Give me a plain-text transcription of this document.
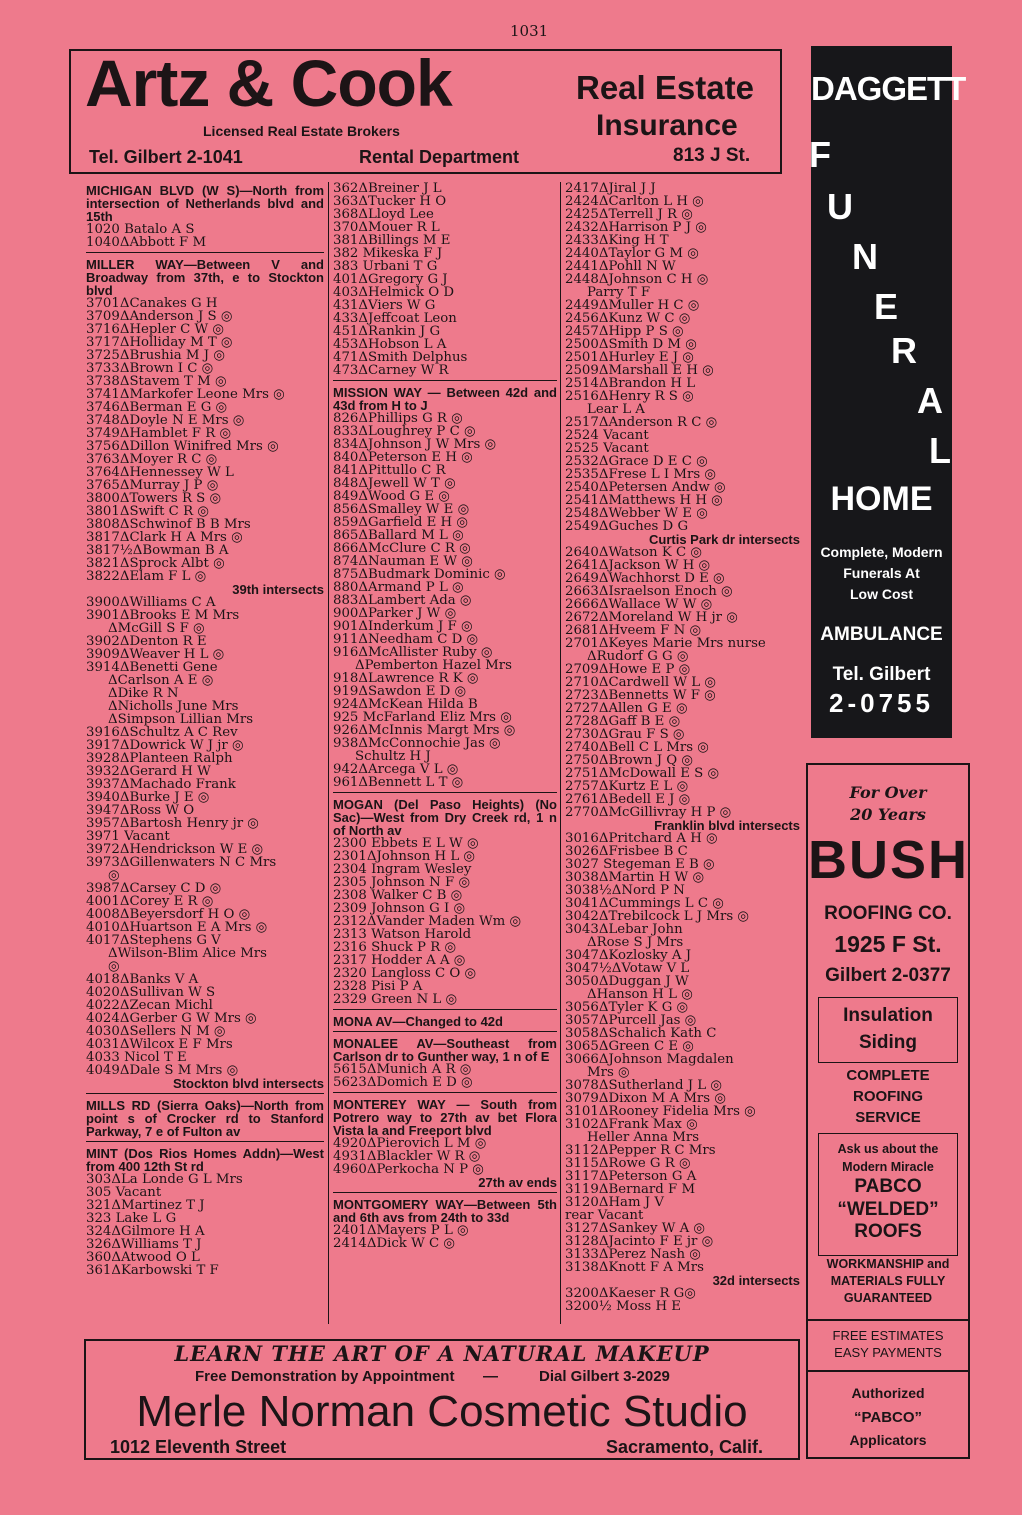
1031
Artz & Cook
Licensed Real Estate Brokers
Tel. Gilbert 2-1041	Rental Department
Real Estate
Insurance
813 J St.
DAGGETT
F
U
N
E
R
A
L
HOME
Complete, Modern
Funerals At
Low Cost
AMBULANCE
Tel. Gilbert
2-0755
For Over
20 Years
BUSH
ROOFING CO.
1925 F St.
Gilbert 2-0377
Insulation
Siding
COMPLETE
ROOFING
SERVICE
Ask us about the
Modern Miracle
PABCO
“WELDED”
ROOFS
WORKMANSHIP and
MATERIALS FULLY
GUARANTEED
FREE ESTIMATES
EASY PAYMENTS
Authorized
“PABCO”
Applicators
LEARN THE ART OF A NATURAL MAKEUP
Free Demonstration by Appointment —	Dial Gilbert 3-2029
Merle Norman Cosmetic Studio
1012 Eleventh Street	Sacramento, Calif.
MICHIGAN BLVD (W S)—North from intersection of Netherlands blvd and 15th
1020 Batalo A S
1040ΔAbbott F M
MILLER WAY—Between V and Broadway from 37th, e to Stockton blvd
3701ΔCanakes G H
3709ΔAnderson J S ◎
3716ΔHepler C W ◎
3717ΔHolliday M T ◎
3725ΔBrushia M J ◎
3733ΔBrown I C ◎
3738ΔStavem T M ◎
3741ΔMarkofer Leone Mrs ◎
3746ΔBerman E G ◎
3748ΔDoyle N E Mrs ◎
3749ΔHamblet F R ◎
3756ΔDillon Winifred Mrs ◎
3763ΔMoyer R C ◎
3764ΔHennessey W L
3765ΔMurray J P ◎
3800ΔTowers R S ◎
3801ΔSwift C R ◎
3808ΔSchwinof B B Mrs
3817ΔClark H A Mrs ◎
3817½ΔBowman B A
3821ΔSprock Albt ◎
3822ΔElam F L ◎
39th intersects
3900ΔWilliams C A
3901ΔBrooks E M Mrs
ΔMcGill S F ◎
3902ΔDenton R E
3909ΔWeaver H L ◎
3914ΔBenetti Gene
ΔCarlson A E ◎
ΔDike R N
ΔNicholls June Mrs
ΔSimpson Lillian Mrs
3916ΔSchultz A C Rev
3917ΔDowrick W J jr ◎
3928ΔPlanteen Ralph
3932ΔGerard H W
3937ΔMachado Frank
3940ΔBurke J E ◎
3947ΔRoss W O
3957ΔBartosh Henry jr ◎
3971 Vacant
3972ΔHendrickson W E ◎
3973ΔGillenwaters N C Mrs
◎
3987ΔCarsey C D ◎
4001ΔCorey E R ◎
4008ΔBeyersdorf H O ◎
4010ΔHuartson E A Mrs ◎
4017ΔStephens G V
ΔWilson-Blim Alice Mrs
◎
4018ΔBanks V A
4020ΔSullivan W S
4022ΔZecan Michl
4024ΔGerber G W Mrs ◎
4030ΔSellers N M ◎
4031ΔWilcox E F Mrs
4033 Nicol T E
4049ΔDale S M Mrs ◎
Stockton blvd intersects
MILLS RD (Sierra Oaks)—North from point s of Crocker rd to Stanford Parkway, 7 e of Fulton av
MINT (Dos Rios Homes Addn)—West from 400 12th St rd
303ΔLa Londe G L Mrs
305 Vacant
321ΔMartinez T J
323 Lake L G
324ΔGilmore H A
326ΔWilliams T J
360ΔAtwood O L
361ΔKarbowski T F
362ΔBreiner J L
363ΔTucker H O
368ΔLloyd Lee
370ΔMouer R L
381ΔBillings M E
382 Mikeska F J
383 Urbani T G
401ΔGregory G J
403ΔHelmick O D
431ΔViers W G
433ΔJeffcoat Leon
451ΔRankin J G
453ΔHobson L A
471ΔSmith Delphus
473ΔCarney W R
MISSION WAY — Between 42d and 43d from H to J
826ΔPhillips G R ◎
833ΔLoughrey P C ◎
834ΔJohnson J W Mrs ◎
840ΔPeterson E H ◎
841ΔPittullo C R
848ΔJewell W T ◎
849ΔWood G E ◎
856ΔSmalley W E ◎
859ΔGarfield E H ◎
865ΔBallard M L ◎
866ΔMcClure C R ◎
874ΔNauman E W ◎
875ΔBudmark Dominic ◎
880ΔArmand P L ◎
883ΔLambert Ada ◎
900ΔParker J W ◎
901ΔInderkum J F ◎
911ΔNeedham C D ◎
916ΔMcAllister Ruby ◎
ΔPemberton Hazel Mrs
918ΔLawrence R K ◎
919ΔSawdon E D ◎
924ΔMcKean Hilda B
925 McFarland Eliz Mrs ◎
926ΔMcInnis Margt Mrs ◎
938ΔMcConnochie Jas ◎
Schultz H J
942ΔArcega V L ◎
961ΔBennett L T ◎
MOGAN (Del Paso Heights) (No Sac)—West from Dry Creek rd, 1 n of North av
2300 Ebbets E L W ◎
2301ΔJohnson H L ◎
2304 Ingram Wesley
2305 Johnson N F ◎
2308 Walker C B ◎
2309 Johnson G I ◎
2312ΔVander Maden Wm ◎
2313 Watson Harold
2316 Shuck P R ◎
2317 Hodder A A ◎
2320 Langloss C O ◎
2328 Pisi P A
2329 Green N L ◎
MONA AV—Changed to 42d
MONALEE AV—Southeast from Carlson dr to Gunther way, 1 n of E
5615ΔMunich A R ◎
5623ΔDomich E D ◎
MONTEREY WAY — South from Potrero way to 27th av bet Flora Vista la and Freeport blvd
4920ΔPierovich L M ◎
4931ΔBlackler W R ◎
4960ΔPerkocha N P ◎
27th av ends
MONTGOMERY WAY—Between 5th and 6th avs from 24th to 33d
2401ΔMayers P L ◎
2414ΔDick W C ◎
2417ΔJiral J J
2424ΔCarlton L H ◎
2425ΔTerrell J R ◎
2432ΔHarrison P J ◎
2433ΔKing H T
2440ΔTaylor G M ◎
2441ΔPohll N W
2448ΔJohnson C H ◎
Parry T F
2449ΔMuller H C ◎
2456ΔKunz W C ◎
2457ΔHipp P S ◎
2500ΔSmith D M ◎
2501ΔHurley E J ◎
2509ΔMarshall E H ◎
2514ΔBrandon H L
2516ΔHenry R S ◎
Lear L A
2517ΔAnderson R C ◎
2524 Vacant
2525 Vacant
2532ΔGrace D E C ◎
2535ΔFrese L I Mrs ◎
2540ΔPetersen Andw ◎
2541ΔMatthews H H ◎
2548ΔWebber W E ◎
2549ΔGuches D G
Curtis Park dr intersects
2640ΔWatson K C ◎
2641ΔJackson W H ◎
2649ΔWachhorst D E ◎
2663ΔIsraelson Enoch ◎
2666ΔWallace W W ◎
2672ΔMoreland W H jr ◎
2681ΔHveem F N ◎
2701ΔKeyes Marie Mrs nurse
ΔRudorf G G ◎
2709ΔHowe E P ◎
2710ΔCardwell W L ◎
2723ΔBennetts W F ◎
2727ΔAllen G E ◎
2728ΔGaff B E ◎
2730ΔGrau F S ◎
2740ΔBell C L Mrs ◎
2750ΔBrown J Q ◎
2751ΔMcDowall E S ◎
2757ΔKurtz E L ◎
2761ΔBedell E J ◎
2770ΔMcGillivray H P ◎
Franklin blvd intersects
3016ΔPritchard A H ◎
3026ΔFrisbee B C
3027 Stegeman E B ◎
3038ΔMartin H W ◎
3038½ΔNord P N
3041ΔCummings L C ◎
3042ΔTrebilcock L J Mrs ◎
3043ΔLebar John
ΔRose S J Mrs
3047ΔKozlosky A J
3047½ΔVotaw V L
3050ΔDuggan J W
ΔHanson H L ◎
3056ΔTyler K G ◎
3057ΔPurcell Jas ◎
3058ΔSchalich Kath C
3065ΔGreen C E ◎
3066ΔJohnson Magdalen
Mrs ◎
3078ΔSutherland J L ◎
3079ΔDixon M A Mrs ◎
3101ΔRooney Fidelia Mrs ◎
3102ΔFrank Max ◎
Heller Anna Mrs
3112ΔPepper R C Mrs
3115ΔRowe G R ◎
3117ΔPeterson G A
3119ΔBernard F M
3120ΔHam J V
rear Vacant
3127ΔSankey W A ◎
3128ΔJacinto F E jr ◎
3133ΔPerez Nash ◎
3138ΔKnott F A Mrs
32d intersects
3200ΔKaeser R G◎
3200½ Moss H E
